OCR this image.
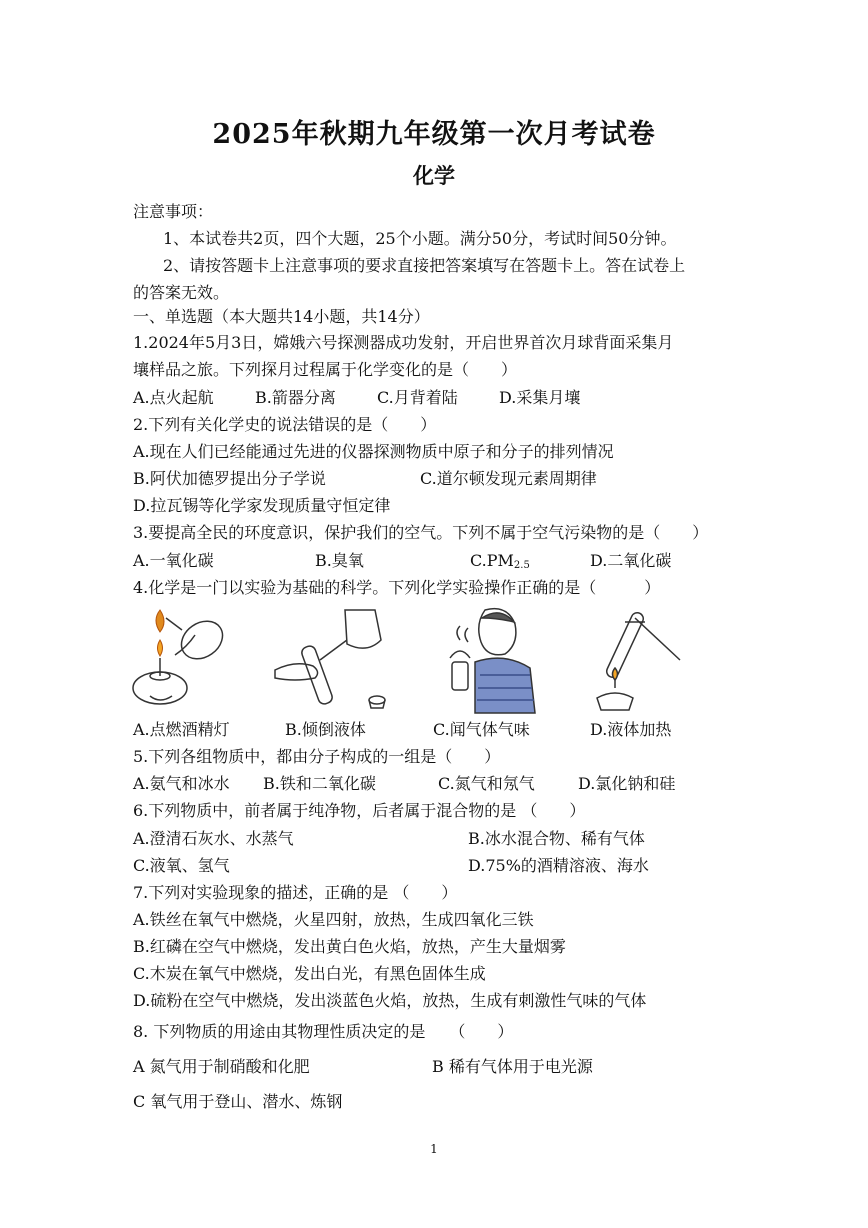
2025年秋期九年级第一次月考试卷
化学
注意事项：
1、本试卷共2页，四个大题，25个小题。满分50分，考试时间50分钟。
2、请按答题卡上注意事项的要求直接把答案填写在答题卡上。答在试卷上
的答案无效。
一、单选题（本大题共14小题，共14分）
1.2024年5月3日，嫦娥六号探测器成功发射，开启世界首次月球背面采集月
壤样品之旅。下列探月过程属于化学变化的是（　　）
A.点火起航	B.箭器分离	C.月背着陆	D.采集月壤
2.下列有关化学史的说法错误的是（　　）
A.现在人们已经能通过先进的仪器探测物质中原子和分子的排列情况
B.阿伏加德罗提出分子学说	C.道尔顿发现元素周期律
D.拉瓦锡等化学家发现质量守恒定律
3.要提高全民的环度意识，保护我们的空气。下列不属于空气污染物的是（　　）
A.一氧化碳	B.臭氧	$C.PM_{2.5}$	D.二氧化碳
4.化学是一门以实验为基础的科学。下列化学实验操作正确的是（　　　）
A.点燃酒精灯	B.倾倒液体	C.闻气体气味	D.液体加热
5.下列各组物质中，都由分子构成的一组是（　　）
A.氨气和冰水 B.铁和二氧化碳	C.氮气和氖气	D.氯化钠和硅
6.下列物质中，前者属于纯净物，后者属于混合物的是 （　　）
A.澄清石灰水、水蒸气	B.冰水混合物、稀有气体
C.液氧、氢气	D.75%的酒精溶液、海水
7.下列对实验现象的描述，正确的是 （　　）
A.铁丝在氧气中燃烧，火星四射，放热，生成四氧化三铁
B.红磷在空气中燃烧，发出黄白色火焰，放热，产生大量烟雾
C.木炭在氧气中燃烧，发出白光，有黑色固体生成
D.硫粉在空气中燃烧，发出淡蓝色火焰，放热，生成有刺激性气味的气体
8. 下列物质的用途由其物理性质决定的是　　（　　）
A 氮气用于制硝酸和化肥	B 稀有气体用于电光源
C 氧气用于登山、潜水、炼钢
1
